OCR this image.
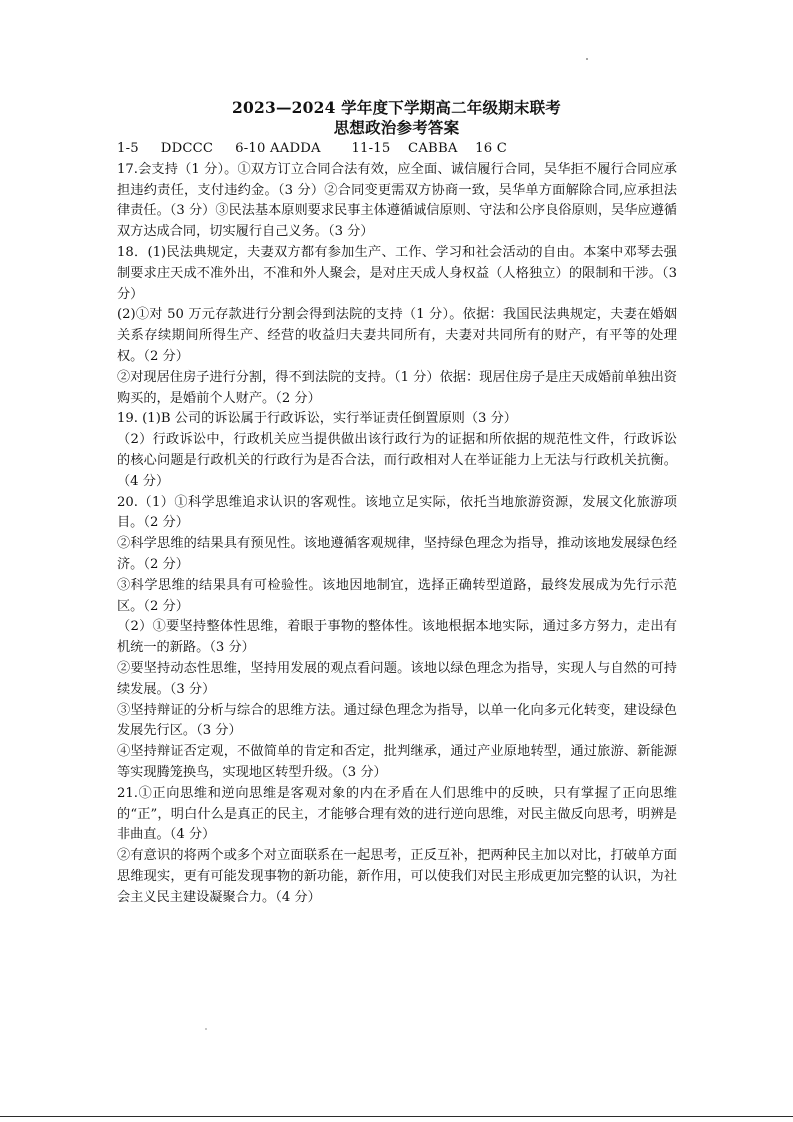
2023—2024 学年度下学期高二年级期末联考
思想政治参考答案

1-5     DDCCC     6-10 AADDA       11-15    CABBA    16 C

17.会支持（1 分）。①双方订立合同合法有效，应全面、诚信履行合同，吴华拒不履行合同应承担违约责任，支付违约金。（3 分）②合同变更需双方协商一致，吴华单方面解除合同,应承担法律责任。（3 分）③民法基本原则要求民事主体遵循诚信原则、守法和公序良俗原则，吴华应遵循双方达成合同，切实履行自己义务。（3 分）

18．(1)民法典规定，夫妻双方都有参加生产、工作、学习和社会活动的自由。本案中邓琴去强制要求庄天成不准外出，不准和外人聚会，是对庄天成人身权益（人格独立）的限制和干涉。（3 分）

(2)①对 50 万元存款进行分割会得到法院的支持（1 分）。依据：我国民法典规定，夫妻在婚姻关系存续期间所得生产、经营的收益归夫妻共同所有，夫妻对共同所有的财产，有平等的处理权。（2 分）

②对现居住房子进行分割，得不到法院的支持。（1 分）依据：现居住房子是庄天成婚前单独出资购买的，是婚前个人财产。（2 分）

19. (1)B 公司的诉讼属于行政诉讼，实行举证责任倒置原则（3 分）

（2）行政诉讼中，行政机关应当提供做出该行政行为的证据和所依据的规范性文件，行政诉讼的核心问题是行政机关的行政行为是否合法，而行政相对人在举证能力上无法与行政机关抗衡。（4 分）

20.（1）①科学思维追求认识的客观性。该地立足实际，依托当地旅游资源，发展文化旅游项目。（2 分）

②科学思维的结果具有预见性。该地遵循客观规律，坚持绿色理念为指导，推动该地发展绿色经济。（2 分）

③科学思维的结果具有可检验性。该地因地制宜，选择正确转型道路，最终发展成为先行示范区。（2 分）

（2）①要坚持整体性思维，着眼于事物的整体性。该地根据本地实际，通过多方努力，走出有机统一的新路。（3 分）

②要坚持动态性思维，坚持用发展的观点看问题。该地以绿色理念为指导，实现人与自然的可持续发展。（3 分）

③坚持辩证的分析与综合的思维方法。通过绿色理念为指导，以单一化向多元化转变，建设绿色发展先行区。（3 分）

④坚持辩证否定观，不做简单的肯定和否定，批判继承，通过产业原地转型，通过旅游、新能源等实现腾笼换鸟，实现地区转型升级。（3 分）

21.①正向思维和逆向思维是客观对象的内在矛盾在人们思维中的反映，只有掌握了正向思维的“正”，明白什么是真正的民主，才能够合理有效的进行逆向思维，对民主做反向思考，明辨是非曲直。（4 分）

②有意识的将两个或多个对立面联系在一起思考，正反互补，把两种民主加以对比，打破单方面思维现实，更有可能发现事物的新功能，新作用，可以使我们对民主形成更加完整的认识，为社会主义民主建设凝聚合力。（4 分）
